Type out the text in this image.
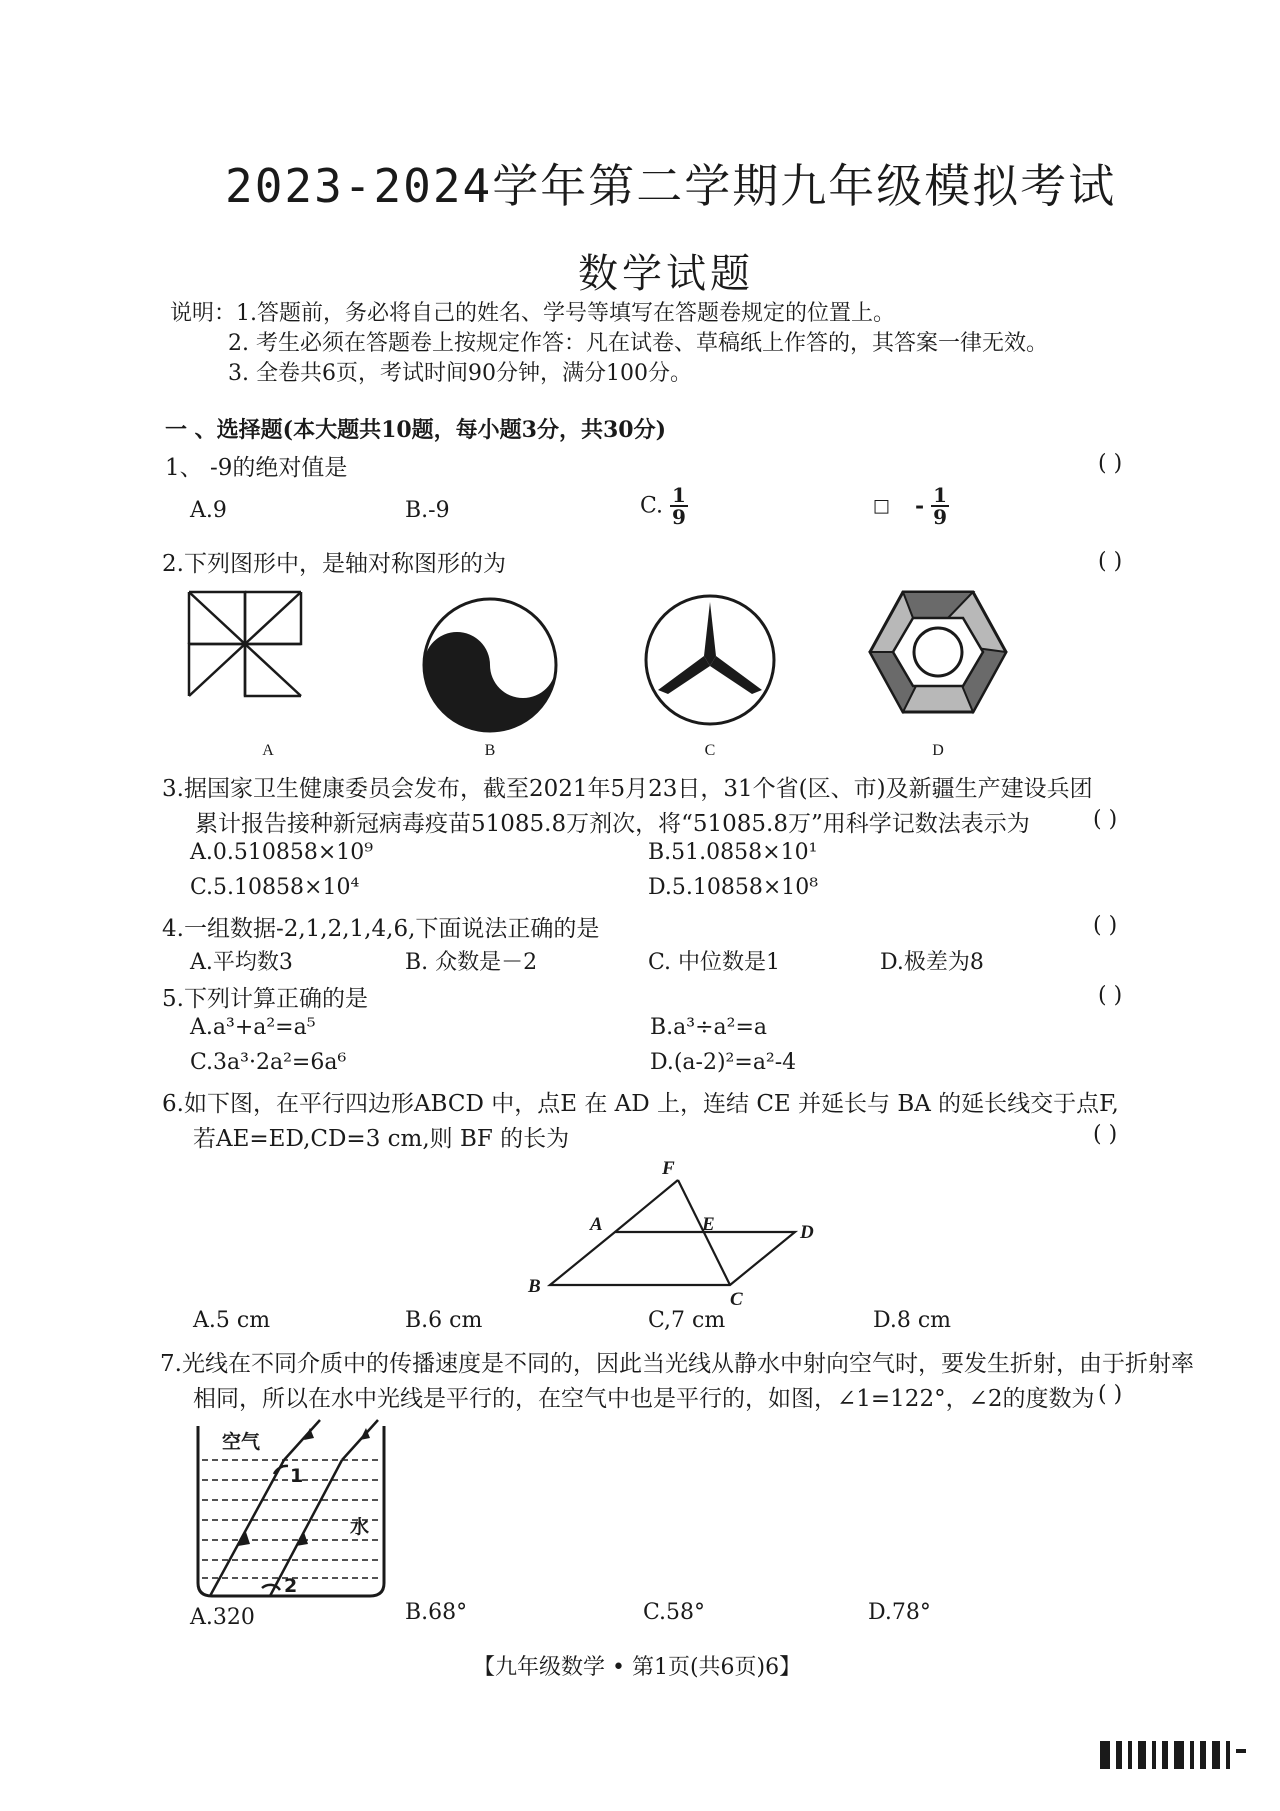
2023-2024学年第二学期九年级模拟考试
数学试题
说明：1.答题前，务必将自己的姓名、学号等填写在答题卷规定的位置上。
2. 考生必须在答题卷上按规定作答：凡在试卷、草稿纸上作答的，其答案一律无效。
3. 全卷共6页，考试时间90分钟，满分100分。
一 、选择题(本大题共10题，每小题3分，共30分)
1、 -9的绝对值是	( )
A.9	B.-9	C. $\frac{1}{9}$	□ - $\frac{1}{9}$
2.下列图形中，是轴对称图形的为	( )
A	B	C	D
3.据国家卫生健康委员会发布，截至2021年5月23日，31个省(区、市)及新疆生产建设兵团
累计报告接种新冠病毒疫苗51085.8万剂次，将“51085.8万”用科学记数法表示为	( )
A.0.510858×10⁹	B.51.0858×10¹
C.5.10858×10⁴	D.5.10858×10⁸
4.一组数据-2,1,2,1,4,6,下面说法正确的是	( )
A.平均数3	B. 众数是－2	C. 中位数是1	D.极差为8
5.下列计算正确的是	( )
A.a³+a²=a⁵	B.a³÷a²=a
C.3a³·2a²=6a⁶	D.(a-2)²=a²-4
6.如下图，在平行四边形ABCD 中，点E 在 AD 上，连结 CE 并延长与 BA 的延长线交于点F,
若AE=ED,CD=3 cm,则 BF 的长为	( )
F
A	E	D
B
C
A.5 cm	B.6 cm	C,7 cm	D.8 cm
7.光线在不同介质中的传播速度是不同的，因此当光线从静水中射向空气时，要发生折射，由于折射率
相同，所以在水中光线是平行的，在空气中也是平行的，如图，∠1=122°，∠2的度数为 ( )
空气
水
1
2
A.320	B.68°	C.58°	D.78°
【九年级数学 • 第1页(共6页)6】
